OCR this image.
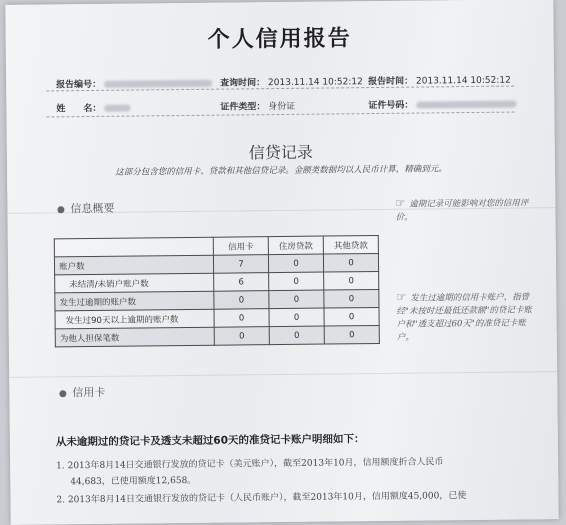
个人信用报告
报告编号：	查询时间： 2013.11.14 10:52:12 报告时间： 2013.11.14 10:52:12
姓　　名：	证件类型： 身份证	证件号码：
信贷记录
这部分包含您的信用卡、贷款和其他信贷记录。金额类数据均以人民币计算，精确到元。
信息概要
	信用卡	住房贷款	其他贷款
账户数	7	0	0
未结清/未销户账户数	6	0	0
发生过逾期的账户数	0	0	0
发生过90天以上逾期的账户数	0	0	0
为他人担保笔数	0	0	0
☞ 逾期记录可能影响对您的信用评价。
☞ 发生过逾期的信用卡账户，指曾经"未按时还最低还款额"的贷记卡账户和"透支超过60天"的准贷记卡账户。
信用卡
从未逾期过的贷记卡及透支未超过60天的准贷记卡账户明细如下：
1. 2013年8月14日交通银行发放的贷记卡（美元账户），截至2013年10月，信用额度折合人民币
44,683，已使用额度12,658。
2. 2013年8月14日交通银行发放的贷记卡（人民币账户），截至2013年10月，信用额度45,000，已使
